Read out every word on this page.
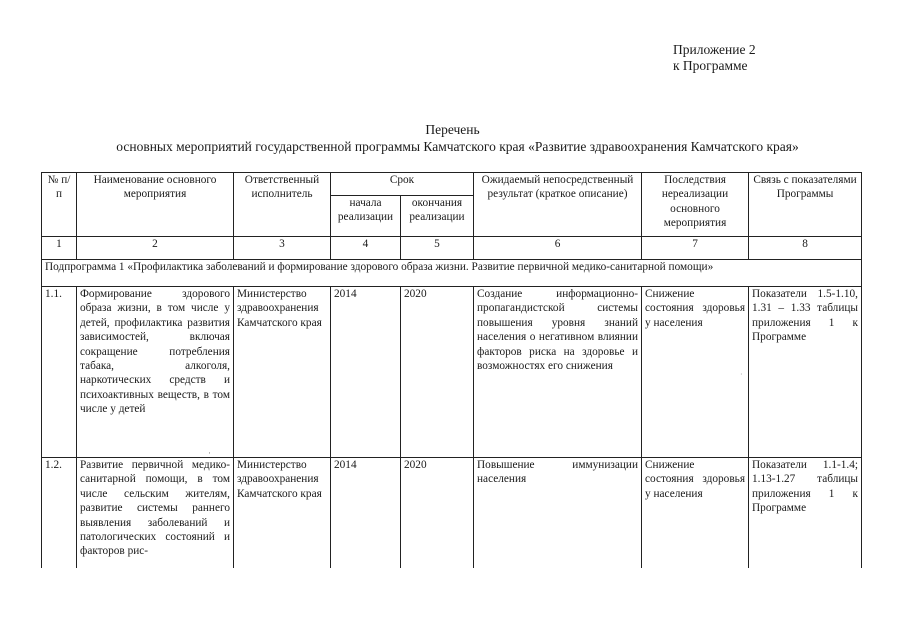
Приложение 2
к Программе
Перечень
основных мероприятий государственной программы Камчатского края «Развитие здравоохранения Камчатского края»
№ п/п	Наименование основного мероприятия	Ответственный исполнитель	Срок		Ожидаемый непосредственный результат (краткое описание)	Последствия нереализации основного мероприятия	Связь с показателями Программы
			начала реализации	окончания реализации			
1	2	3	4	5	6	7	8
Подпрограмма 1 «Профилактика заболеваний и формирование здорового образа жизни. Развитие первичной медико-санитарной помощи»							
1.1.	Формирование здорового образа жизни, в том числе у детей, профилактика развития зависимостей, включая сокращение потребления табака, алкоголя, наркотических средств и психоактивных веществ, в том числе у детей	Министерство здравоохранения Камчатского края	2014	2020	Создание информационно-пропагандистской системы повышения уровня знаний населения о негативном влиянии факторов риска на здоровье и возможностях его снижения	Снижение состояния здоровья у населения	Показатели 1.5-1.10, 1.31 – 1.33 таблицы приложения 1 к Программе
1.2.	Развитие первичной медико-санитарной помощи, в том числе сельским жителям, развитие системы раннего выявления заболеваний и патологических состояний и факторов рис-	Министерство здравоохранения Камчатского края	2014	2020	Повышение иммунизации населения	Снижение состояния здоровья у населения	Показатели 1.1-1.4; 1.13-1.27 таблицы приложения 1 к Программе
·
·
